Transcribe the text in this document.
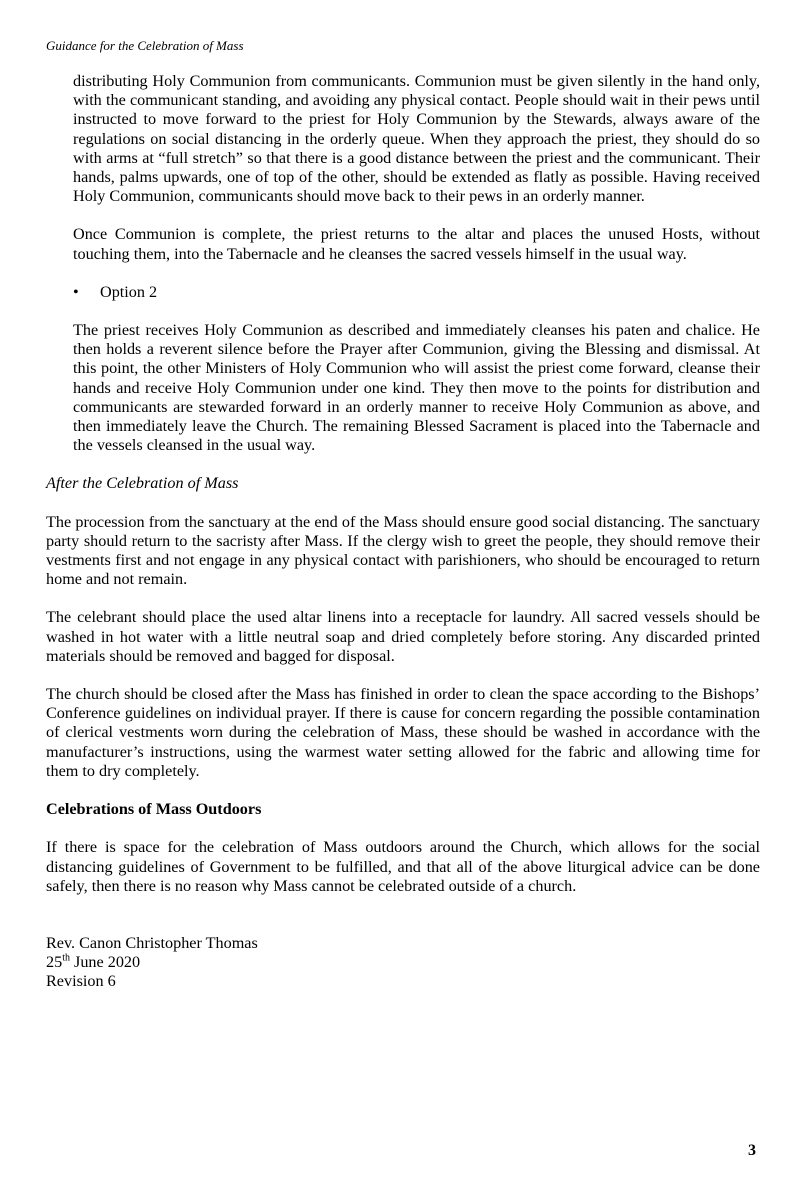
Guidance for the Celebration of Mass

distributing Holy Communion from communicants. Communion must be given silently in the hand only, with the communicant standing, and avoiding any physical contact. People should wait in their pews until instructed to move forward to the priest for Holy Communion by the Stewards, always aware of the regulations on social distancing in the orderly queue. When they approach the priest, they should do so with arms at “full stretch” so that there is a good distance between the priest and the communicant. Their hands, palms upwards, one of top of the other, should be extended as flatly as possible. Having received Holy Communion, communicants should move back to their pews in an orderly manner.

Once Communion is complete, the priest returns to the altar and places the unused Hosts, without touching them, into the Tabernacle and he cleanses the sacred vessels himself in the usual way.

•	Option 2

The priest receives Holy Communion as described and immediately cleanses his paten and chalice. He then holds a reverent silence before the Prayer after Communion, giving the Blessing and dismissal. At this point, the other Ministers of Holy Communion who will assist the priest come forward, cleanse their hands and receive Holy Communion under one kind. They then move to the points for distribution and communicants are stewarded forward in an orderly manner to receive Holy Communion as above, and then immediately leave the Church. The remaining Blessed Sacrament is placed into the Tabernacle and the vessels cleansed in the usual way.

After the Celebration of Mass

The procession from the sanctuary at the end of the Mass should ensure good social distancing. The sanctuary party should return to the sacristy after Mass. If the clergy wish to greet the people, they should remove their vestments first and not engage in any physical contact with parishioners, who should be encouraged to return home and not remain.

The celebrant should place the used altar linens into a receptacle for laundry. All sacred vessels should be washed in hot water with a little neutral soap and dried completely before storing. Any discarded printed materials should be removed and bagged for disposal.

The church should be closed after the Mass has finished in order to clean the space according to the Bishops’ Conference guidelines on individual prayer. If there is cause for concern regarding the possible contamination of clerical vestments worn during the celebration of Mass, these should be washed in accordance with the manufacturer’s instructions, using the warmest water setting allowed for the fabric and allowing time for them to dry completely.

Celebrations of Mass Outdoors

If there is space for the celebration of Mass outdoors around the Church, which allows for the social distancing guidelines of Government to be fulfilled, and that all of the above liturgical advice can be done safely, then there is no reason why Mass cannot be celebrated outside of a church.

Rev. Canon Christopher Thomas

25th June 2020

Revision 6

3
